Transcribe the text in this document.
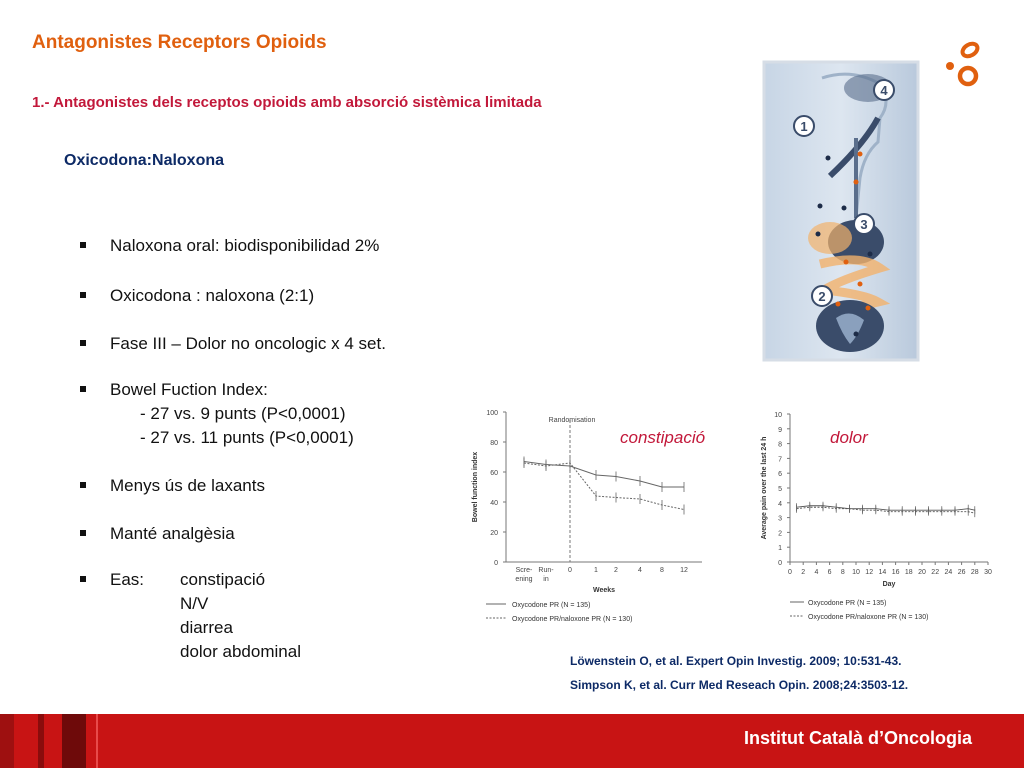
Antagonistes Receptors Opioids
1.- Antagonistes dels receptos opioids amb absorció sistèmica limitada
Oxicodona:Naloxona
1
2
3
4
Naloxona oral: biodisponibilidad 2%
Oxicodona : naloxona (2:1)
Fase III – Dolor no oncologic x 4 set.
Bowel Fuction Index:
- 27 vs. 9 punts (P<0,0001)
- 27 vs. 11 punts (P<0,0001)
Menys ús de laxants
Manté analgèsia
Eas: constipació
N/V
diarrea
dolor abdominal
constipació	dolor
0
20
40
60
80
100
Scre-
ening
Run-
in
0	1 2	4	8 12
Randomisation
Weeks
Bowel function index
Oxycodone PR (N = 135)
Oxycodone PR/naloxone PR (N = 130)
0
1
2
3
4
5
6
7
8
9
10
0 2 4 6 8 10 12 14 16 18 20 22 24 26 28 30
Day
Average pain over the last 24 h
Oxycodone PR (N = 135)
Oxycodone PR/naloxone PR (N = 130)
Löwenstein O, et al. Expert Opin Investig. 2009; 10:531-43.
Simpson K, et al. Curr Med Reseach Opin. 2008;24:3503-12.
Institut Català d’Oncologia
